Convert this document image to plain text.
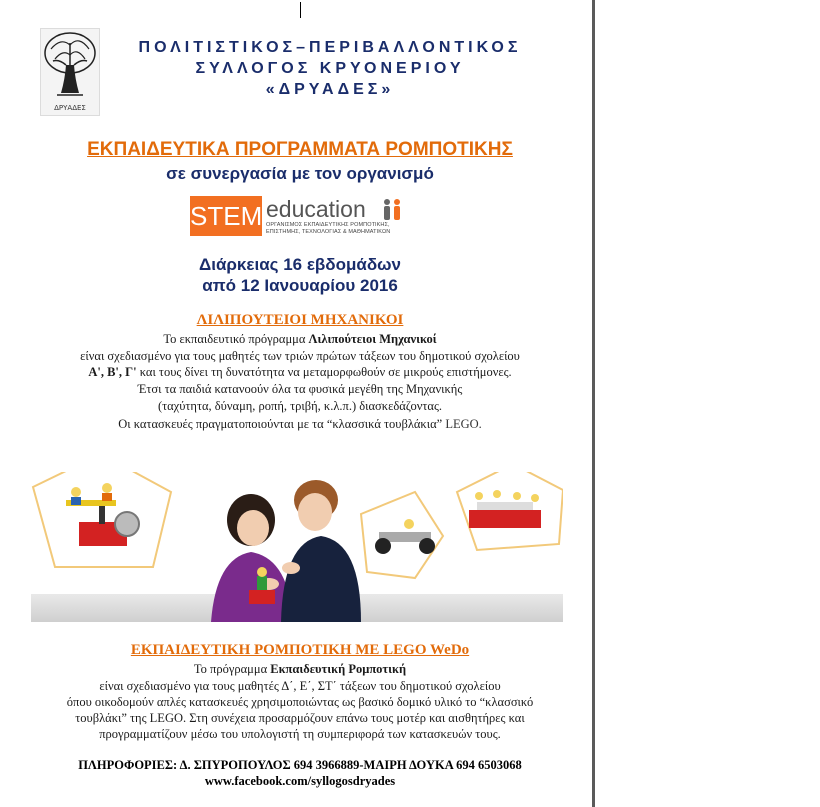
ΔΡΥΑΔΕΣ
ΠΟΛΙΤΙΣΤΙΚΟΣ–ΠΕΡΙΒΑΛΛΟΝΤΙΚΟΣ
ΣΥΛΛΟΓΟΣ ΚΡΥΟΝΕΡΙΟΥ
«ΔΡΥΑΔΕΣ»
ΕΚΠΑΙΔΕΥΤΙΚΑ ΠΡΟΓΡΑΜΜΑΤΑ ΡΟΜΠΟΤΙΚΗΣ
σε συνεργασία με τον οργανισμό
STEM education
ΟΡΓΑΝΙΣΜΟΣ ΕΚΠΑΙΔΕΥΤΙΚΗΣ ΡΟΜΠΟΤΙΚΗΣ, ΕΠΙΣΤΗΜΗΣ, ΤΕΧΝΟΛΟΓΙΑΣ & ΜΑΘΗΜΑΤΙΚΩΝ
Διάρκειας 16 εβδομάδων
από 12 Ιανουαρίου 2016
ΛΙΛΙΠΟΥΤΕΙΟΙ ΜΗΧΑΝΙΚΟΙ
Το εκπαιδευτικό πρόγραμμα Λιλιπούτειοι Μηχανικοί
είναι σχεδιασμένο για τους μαθητές των τριών πρώτων τάξεων του δημοτικού σχολείου
Α', Β', Γ' και τους δίνει τη δυνατότητα να μεταμορφωθούν σε μικρούς επιστήμονες.
Έτσι τα παιδιά κατανοούν όλα τα φυσικά μεγέθη της Μηχανικής
(ταχύτητα, δύναμη, ροπή, τριβή, κ.λ.π.) διασκεδάζοντας.
Οι κατασκευές πραγματοποιούνται με τα “κλασσικά τουβλάκια” LEGO.
ΕΚΠΑΙΔΕΥΤΙΚΗ ΡΟΜΠΟΤΙΚΗ ΜΕ LEGO WeDo
Το πρόγραμμα Εκπαιδευτική Ρομποτική
είναι σχεδιασμένο για τους μαθητές Δ΄, Ε΄, ΣΤ΄ τάξεων του δημοτικού σχολείου
όπου οικοδομούν απλές κατασκευές χρησιμοποιώντας ως βασικό δομικό υλικό το “κλασσικό
τουβλάκι” της LEGO. Στη συνέχεια προσαρμόζουν επάνω τους μοτέρ και αισθητήρες και
προγραμματίζουν μέσω του υπολογιστή τη συμπεριφορά των κατασκευών τους.
ΠΛΗΡΟΦΟΡΙΕΣ: Δ. ΣΠΥΡΟΠΟΥΛΟΣ 694 3966889-ΜΑΙΡΗ ΔΟΥΚΑ 694 6503068
www.facebook.com/syllogosdryades
